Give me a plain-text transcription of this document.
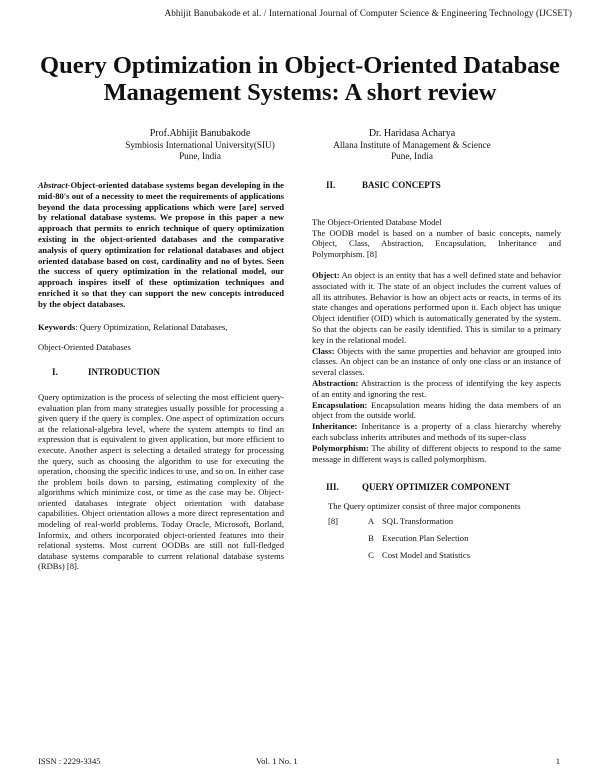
Abhijit Banubakode et al. / International Journal of Computer Science & Engineering Technology (IJCSET)
Query Optimization in Object-Oriented Database
Management Systems: A short review
Prof.Abhijit Banubakode
Symbiosis International University(SIU)
Pune, India
Dr. Haridasa Acharya
Allana Institute of Management & Science
Pune, India

Abstract-Object-oriented database systems began developing in the mid-80's out of a necessity to meet the requirements of applications beyond the data processing applications which were [are] served by relational database systems. We propose in this paper a new approach that permits to enrich technique of query optimization existing in the object-oriented databases and the comparative analysis of query optimization for relational databases and object oriented database based on cost, cardinality and no of bytes. Seen the success of query optimization in the relational model, our approach inspires itself of these optimization techniques and enriched it so that they can support the new concepts introduced by the object databases.

Keywords: Query Optimization, Relational Databases,

Object-Oriented Databases

I.	INTRODUCTION

Query optimization is the process of selecting the most efficient query-evaluation plan from many strategies usually possible for processing a given query if the query is complex. One aspect of optimization occurs at the relational-algebra level, where the system attempts to find an expression that is equivalent to given application, but more efficient to execute. Another aspect is selecting a detailed strategy for processing the query, such as choosing the algorithm to use for executing the operation, choosing the specific indices to use, and so on. In either case the problem boils down to parsing, estimating complexity of the algorithms which minimize cost, or time as the case may be. Object-oriented databases integrate object orientation with database capabilities. Object orientation allows a more direct representation and modeling of real-world problems. Today Oracle, Microsoft, Borland, Informix, and others incorporated object-oriented features into their relational systems. Most current OODBs are still not full-fledged database systems comparable to current relational database systems (RDBs) [8].

II.	BASIC CONCEPTS

The Object-Oriented Database Model

The OODB model is based on a number of basic concepts, namely Object, Class, Abstraction, Encapsulation, Inheritance and Polymorphism. [8]

Object: An object is an entity that has a well defined state and behavior associated with it. The state of an object includes the current values of all its attributes. Behavior is how an object acts or reacts, in terms of its state changes and operations performed upon it. Each object has unique Object identifier (OID) which is automatically generated by the system. So that the objects can be easily identified. This is similar to a primary key in the relational model.

Class: Objects with the same properties and behavior are grouped into classes. An object can be an instance of only one class or an instance of several classes.

Abstraction: Abstraction is the process of identifying the key aspects of an entity and ignoring the rest.

Encapsulation: Encapsulation means hiding the data members of an object from the outside world.

Inheritance: Inheritance is a property of a class hierarchy whereby each subclass inherits attributes and methods of its super-class

Polymorphism: The ability of different objects to respond to the same message in different ways is called polymorphism.

III.	QUERY OPTIMIZER COMPONENT

The Query optimizer consist of three major components

[8]	A SQL Transformation
B Execution Plan Selection
C Cost Model and Statistics
ISSN : 2229-3345	Vol. 1 No. 1	1
